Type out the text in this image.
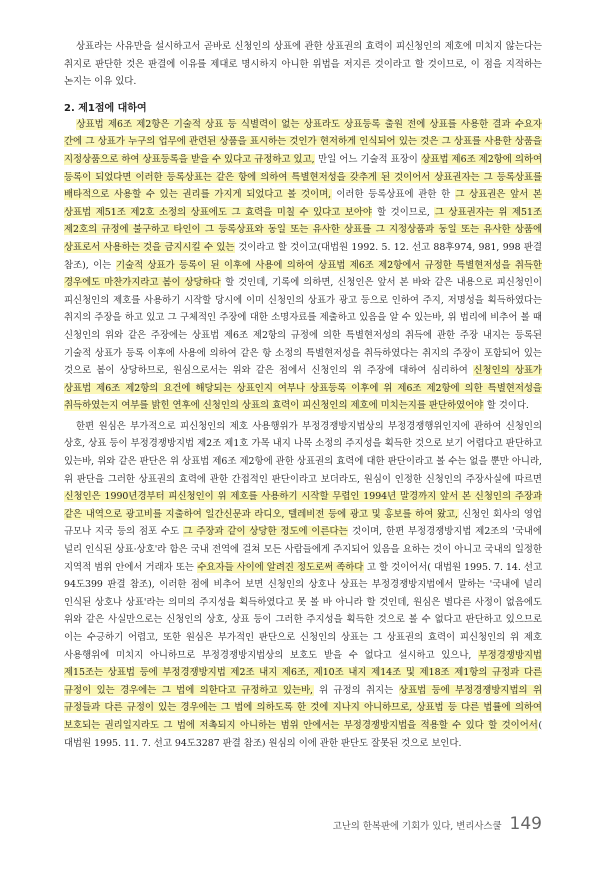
상표라는 사유만을 설시하고서 곧바로 신청인의 상표에 관한 상표권의 효력이 피신청인의 제호에 미치지 않는다는 취지로 판단한 것은 판결에 이유를 제대로 명시하지 아니한 위법을 저지른 것이라고 할 것이므로, 이 점을 지적하는 논지는 이유 있다.

2. 제1점에 대하여

상표법 제6조 제2항은 기술적 상표 등 식별력이 없는 상표라도 상표등록 출원 전에 상표를 사용한 결과 수요자 간에 그 상표가 누구의 업무에 관련된 상품을 표시하는 것인가 현저하게 인식되어 있는 것은 그 상표를 사용한 상품을 지정상품으로 하여 상표등록을 받을 수 있다고 규정하고 있고, 만일 어느 기술적 표장이 상표법 제6조 제2항에 의하여 등록이 되었다면 이러한 등록상표는 같은 항에 의하여 특별현저성을 갖추게 된 것이어서 상표권자는 그 등록상표를 배타적으로 사용할 수 있는 권리를 가지게 되었다고 볼 것이며, 이러한 등록상표에 관한 한 그 상표권은 앞서 본 상표법 제51조 제2호 소정의 상표에도 그 효력을 미칠 수 있다고 보아야 할 것이므로, 그 상표권자는 위 제51조 제2호의 규정에 불구하고 타인이 그 등록상표와 동일 또는 유사한 상표를 그 지정상품과 동일 또는 유사한 상품에 상표로서 사용하는 것을 금지시킬 수 있는 것이라고 할 것이고(대법원 1992. 5. 12. 선고 88후974, 981, 998 판결 참조), 이는 기술적 상표가 등록이 된 이후에 사용에 의하여 상표법 제6조 제2항에서 규정한 특별현저성을 취득한 경우에도 마찬가지라고 봄이 상당하다 할 것인데, 기록에 의하면, 신청인은 앞서 본 바와 같은 내용으로 피신청인이 피신청인의 제호를 사용하기 시작할 당시에 이미 신청인의 상표가 광고 등으로 인하여 주지, 저명성을 획득하였다는 취지의 주장을 하고 있고 그 구체적인 주장에 대한 소명자료를 제출하고 있음을 알 수 있는바, 위 법리에 비추어 볼 때 신청인의 위와 같은 주장에는 상표법 제6조 제2항의 규정에 의한 특별현저성의 취득에 관한 주장 내지는 등록된 기술적 상표가 등록 이후에 사용에 의하여 같은 항 소정의 특별현저성을 취득하였다는 취지의 주장이 포함되어 있는 것으로 봄이 상당하므로, 원심으로서는 위와 같은 점에서 신청인의 위 주장에 대하여 심리하여 신청인의 상표가 상표법 제6조 제2항의 요건에 해당되는 상표인지 여부나 상표등록 이후에 위 제6조 제2항에 의한 특별현저성을 취득하였는지 여부를 밝힌 연후에 신청인의 상표의 효력이 피신청인의 제호에 미치는지를 판단하였어야 할 것이다.

한편 원심은 부가적으로 피신청인의 제호 사용행위가 부정경쟁방지법상의 부정경쟁행위인지에 관하여 신청인의 상호, 상표 등이 부정경쟁방지법 제2조 제1호 가목 내지 나목 소정의 주지성을 획득한 것으로 보기 어렵다고 판단하고 있는바, 위와 같은 판단은 위 상표법 제6조 제2항에 관한 상표권의 효력에 대한 판단이라고 볼 수는 없을 뿐만 아니라, 위 판단을 그러한 상표권의 효력에 관한 간접적인 판단이라고 보더라도, 원심이 인정한 신청인의 주장사실에 따르면 신청인은 1990년경부터 피신청인이 위 제호를 사용하기 시작할 무렵인 1994년 말경까지 앞서 본 신청인의 주장과 같은 내역으로 광고비를 지출하여 일간신문과 라디오, 텔레비전 등에 광고 및 홍보를 하여 왔고, 신청인 회사의 영업 규모나 지국 등의 점포 수도 그 주장과 같이 상당한 정도에 이른다는 것이며, 한편 부정경쟁방지법 제2조의 '국내에 널리 인식된 상표·상호'라 함은 국내 전역에 걸쳐 모든 사람들에게 주지되어 있음을 요하는 것이 아니고 국내의 일정한 지역적 범위 안에서 거래자 또는 수요자들 사이에 알려진 정도로써 족하다 고 할 것이어서( 대법원 1995. 7. 14. 선고 94도399 판결 참조), 이러한 점에 비추어 보면 신청인의 상호나 상표는 부정경쟁방지법에서 말하는 '국내에 널리 인식된 상호나 상표'라는 의미의 주지성을 획득하였다고 못 볼 바 아니라 할 것인데, 원심은 별다른 사정이 없음에도 위와 같은 사실만으로는 신청인의 상호, 상표 등이 그러한 주지성을 획득한 것으로 볼 수 없다고 판단하고 있으므로 이는 수긍하기 어렵고, 또한 원심은 부가적인 판단으로 신청인의 상표는 그 상표권의 효력이 피신청인의 위 제호 사용행위에 미치지 아니하므로 부정경쟁방지법상의 보호도 받을 수 없다고 설시하고 있으나, 부정경쟁방지법 제15조는 상표법 등에 부정경쟁방지법 제2조 내지 제6조, 제10조 내지 제14조 및 제18조 제1항의 규정과 다른 규정이 있는 경우에는 그 법에 의한다고 규정하고 있는바, 위 규정의 취지는 상표법 등에 부정경쟁방지법의 위 규정들과 다른 규정이 있는 경우에는 그 법에 의하도록 한 것에 지나지 아니하므로, 상표법 등 다른 법률에 의하여 보호되는 권리일지라도 그 법에 저촉되지 아니하는 범위 안에서는 부정경쟁방지법을 적용할 수 있다 할 것이어서( 대법원 1995. 11. 7. 선고 94도3287 판결 참조) 원심의 이에 관한 판단도 잘못된 것으로 보인다.

고난의 한복판에 기회가 있다, 변리사스쿨 149
